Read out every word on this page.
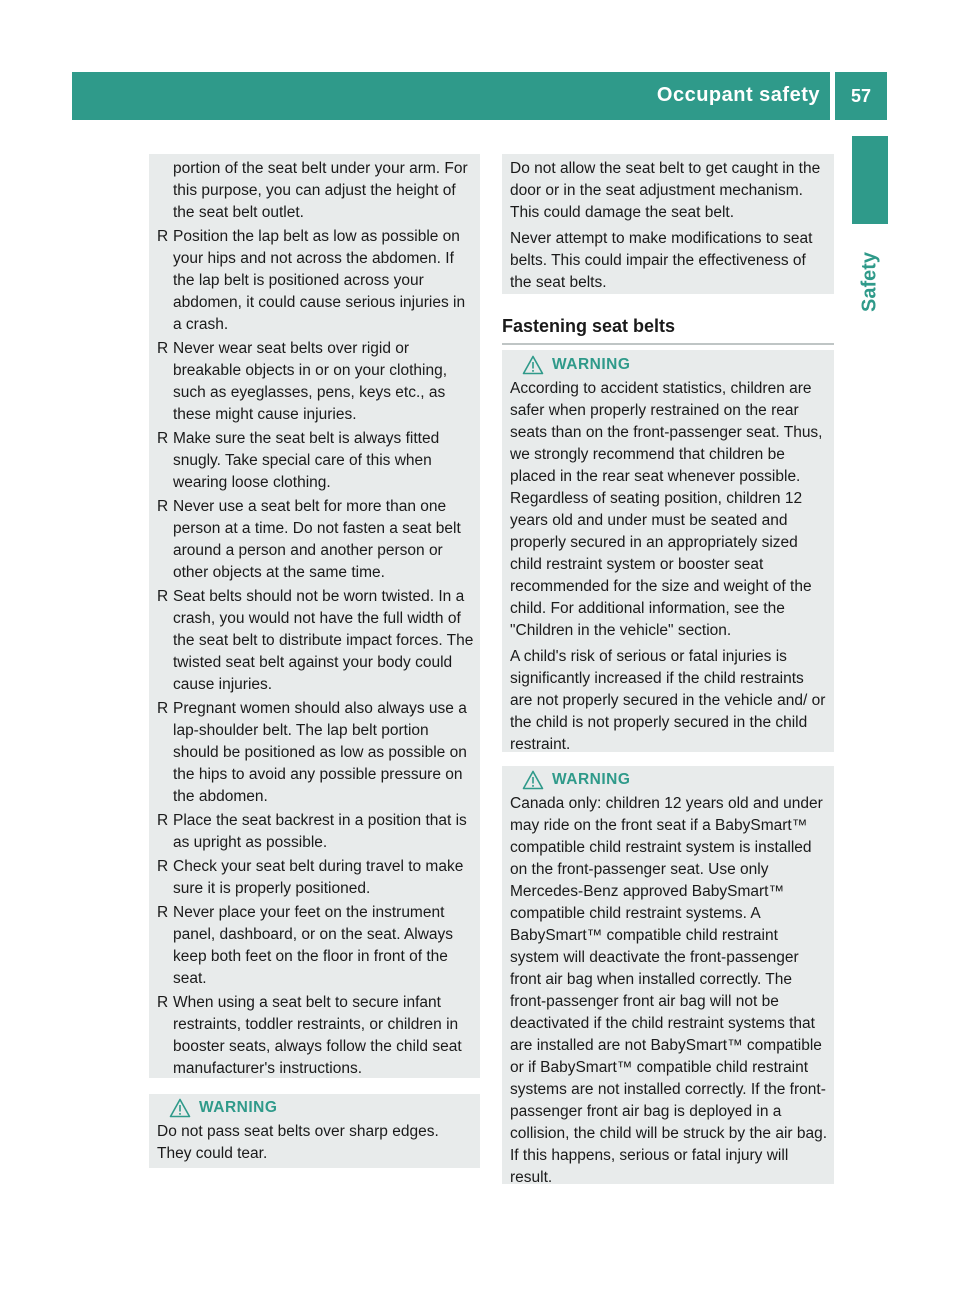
Occupant safety	57
Safety

portion of the seat belt under your arm. For this purpose, you can adjust the height of the seat belt outlet.

R Position the lap belt as low as possible on your hips and not across the abdomen. If the lap belt is positioned across your abdomen, it could cause serious injuries in a crash.
R Never wear seat belts over rigid or breakable objects in or on your clothing, such as eyeglasses, pens, keys etc., as these might cause injuries.
R Make sure the seat belt is always fitted snugly. Take special care of this when wearing loose clothing.
R Never use a seat belt for more than one person at a time. Do not fasten a seat belt around a person and another person or other objects at the same time.
R Seat belts should not be worn twisted. In a crash, you would not have the full width of the seat belt to distribute impact forces. The twisted seat belt against your body could cause injuries.
R Pregnant women should also always use a lap-shoulder belt. The lap belt portion should be positioned as low as possible on the hips to avoid any possible pressure on the abdomen.
R Place the seat backrest in a position that is as upright as possible.
R Check your seat belt during travel to make sure it is properly positioned.
R Never place your feet on the instrument panel, dashboard, or on the seat. Always keep both feet on the floor in front of the seat.
R When using a seat belt to secure infant restraints, toddler restraints, or children in booster seats, always follow the child seat manufacturer's instructions.
WARNING

Do not pass seat belts over sharp edges. They could tear.

Do not allow the seat belt to get caught in the door or in the seat adjustment mechanism. This could damage the seat belt.

Never attempt to make modifications to seat belts. This could impair the effectiveness of the seat belts.

Fastening seat belts
WARNING

According to accident statistics, children are safer when properly restrained on the rear seats than on the front-passenger seat. Thus, we strongly recommend that children be placed in the rear seat whenever possible. Regardless of seating position, children 12 years old and under must be seated and properly secured in an appropriately sized child restraint system or booster seat recommended for the size and weight of the child. For additional information, see the "Children in the vehicle" section.

A child's risk of serious or fatal injuries is significantly increased if the child restraints are not properly secured in the vehicle and/ or the child is not properly secured in the child restraint.

WARNING

Canada only: children 12 years old and under may ride on the front seat if a BabySmart™ compatible child restraint system is installed on the front-passenger seat. Use only Mercedes-Benz approved BabySmart™ compatible child restraint systems. A BabySmart™ compatible child restraint system will deactivate the front-passenger front air bag when installed correctly. The front-passenger front air bag will not be deactivated if the child restraint systems that are installed are not BabySmart™ compatible or if BabySmart™ compatible child restraint systems are not installed correctly. If the front-passenger front air bag is deployed in a collision, the child will be struck by the air bag. If this happens, serious or fatal injury will result.
